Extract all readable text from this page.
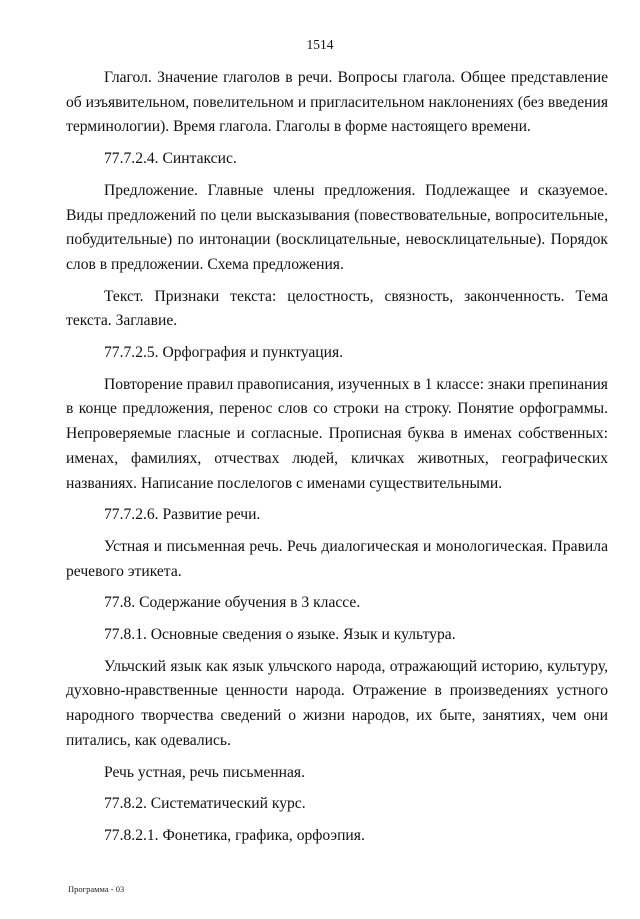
1514

Глагол. Значение глаголов в речи. Вопросы глагола. Общее представление об изъявительном, повелительном и пригласительном наклонениях (без введения терминологии). Время глагола. Глаголы в форме настоящего времени.

77.7.2.4. Синтаксис.

Предложение. Главные члены предложения. Подлежащее и сказуемое. Виды предложений по цели высказывания (повествовательные, вопросительные, побудительные) по интонации (восклицательные, невосклицательные). Порядок слов в предложении. Схема предложения.

Текст. Признаки текста: целостность, связность, законченность. Тема текста. Заглавие.

77.7.2.5. Орфография и пунктуация.

Повторение правил правописания, изученных в 1 классе: знаки препинания в конце предложения, перенос слов со строки на строку. Понятие орфограммы. Непроверяемые гласные и согласные. Прописная буква в именах собственных: именах, фамилиях, отчествах людей, кличках животных, географических названиях. Написание послелогов с именами существительными.

77.7.2.6. Развитие речи.

Устная и письменная речь. Речь диалогическая и монологическая. Правила речевого этикета.

77.8. Содержание обучения в 3 классе.

77.8.1. Основные сведения о языке. Язык и культура.

Ульчский язык как язык ульчского народа, отражающий историю, культуру, духовно-нравственные ценности народа. Отражение в произведениях устного народного творчества сведений о жизни народов, их быте, занятиях, чем они питались, как одевались.

Речь устная, речь письменная.

77.8.2. Систематический курс.

77.8.2.1. Фонетика, графика, орфоэпия.

Программа - 03
